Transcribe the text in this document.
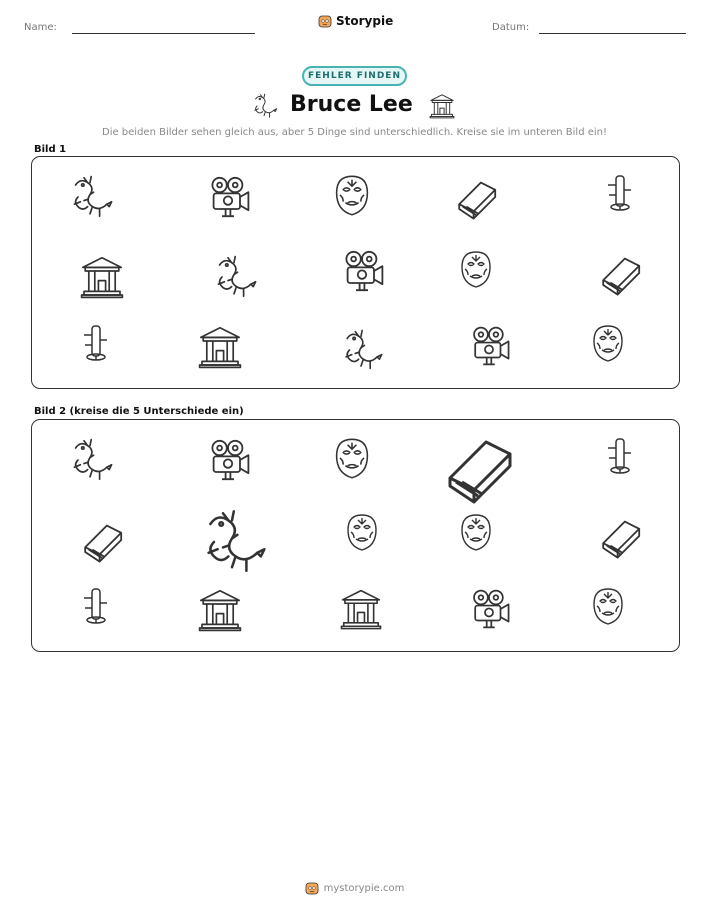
Name:	Datum:
Storypie
FEHLER FINDEN
Bruce Lee
Die beiden Bilder sehen gleich aus, aber 5 Dinge sind unterschiedlich. Kreise sie im unteren Bild ein!
Bild 1
Bild 2 (kreise die 5 Unterschiede ein)
mystorypie.com
